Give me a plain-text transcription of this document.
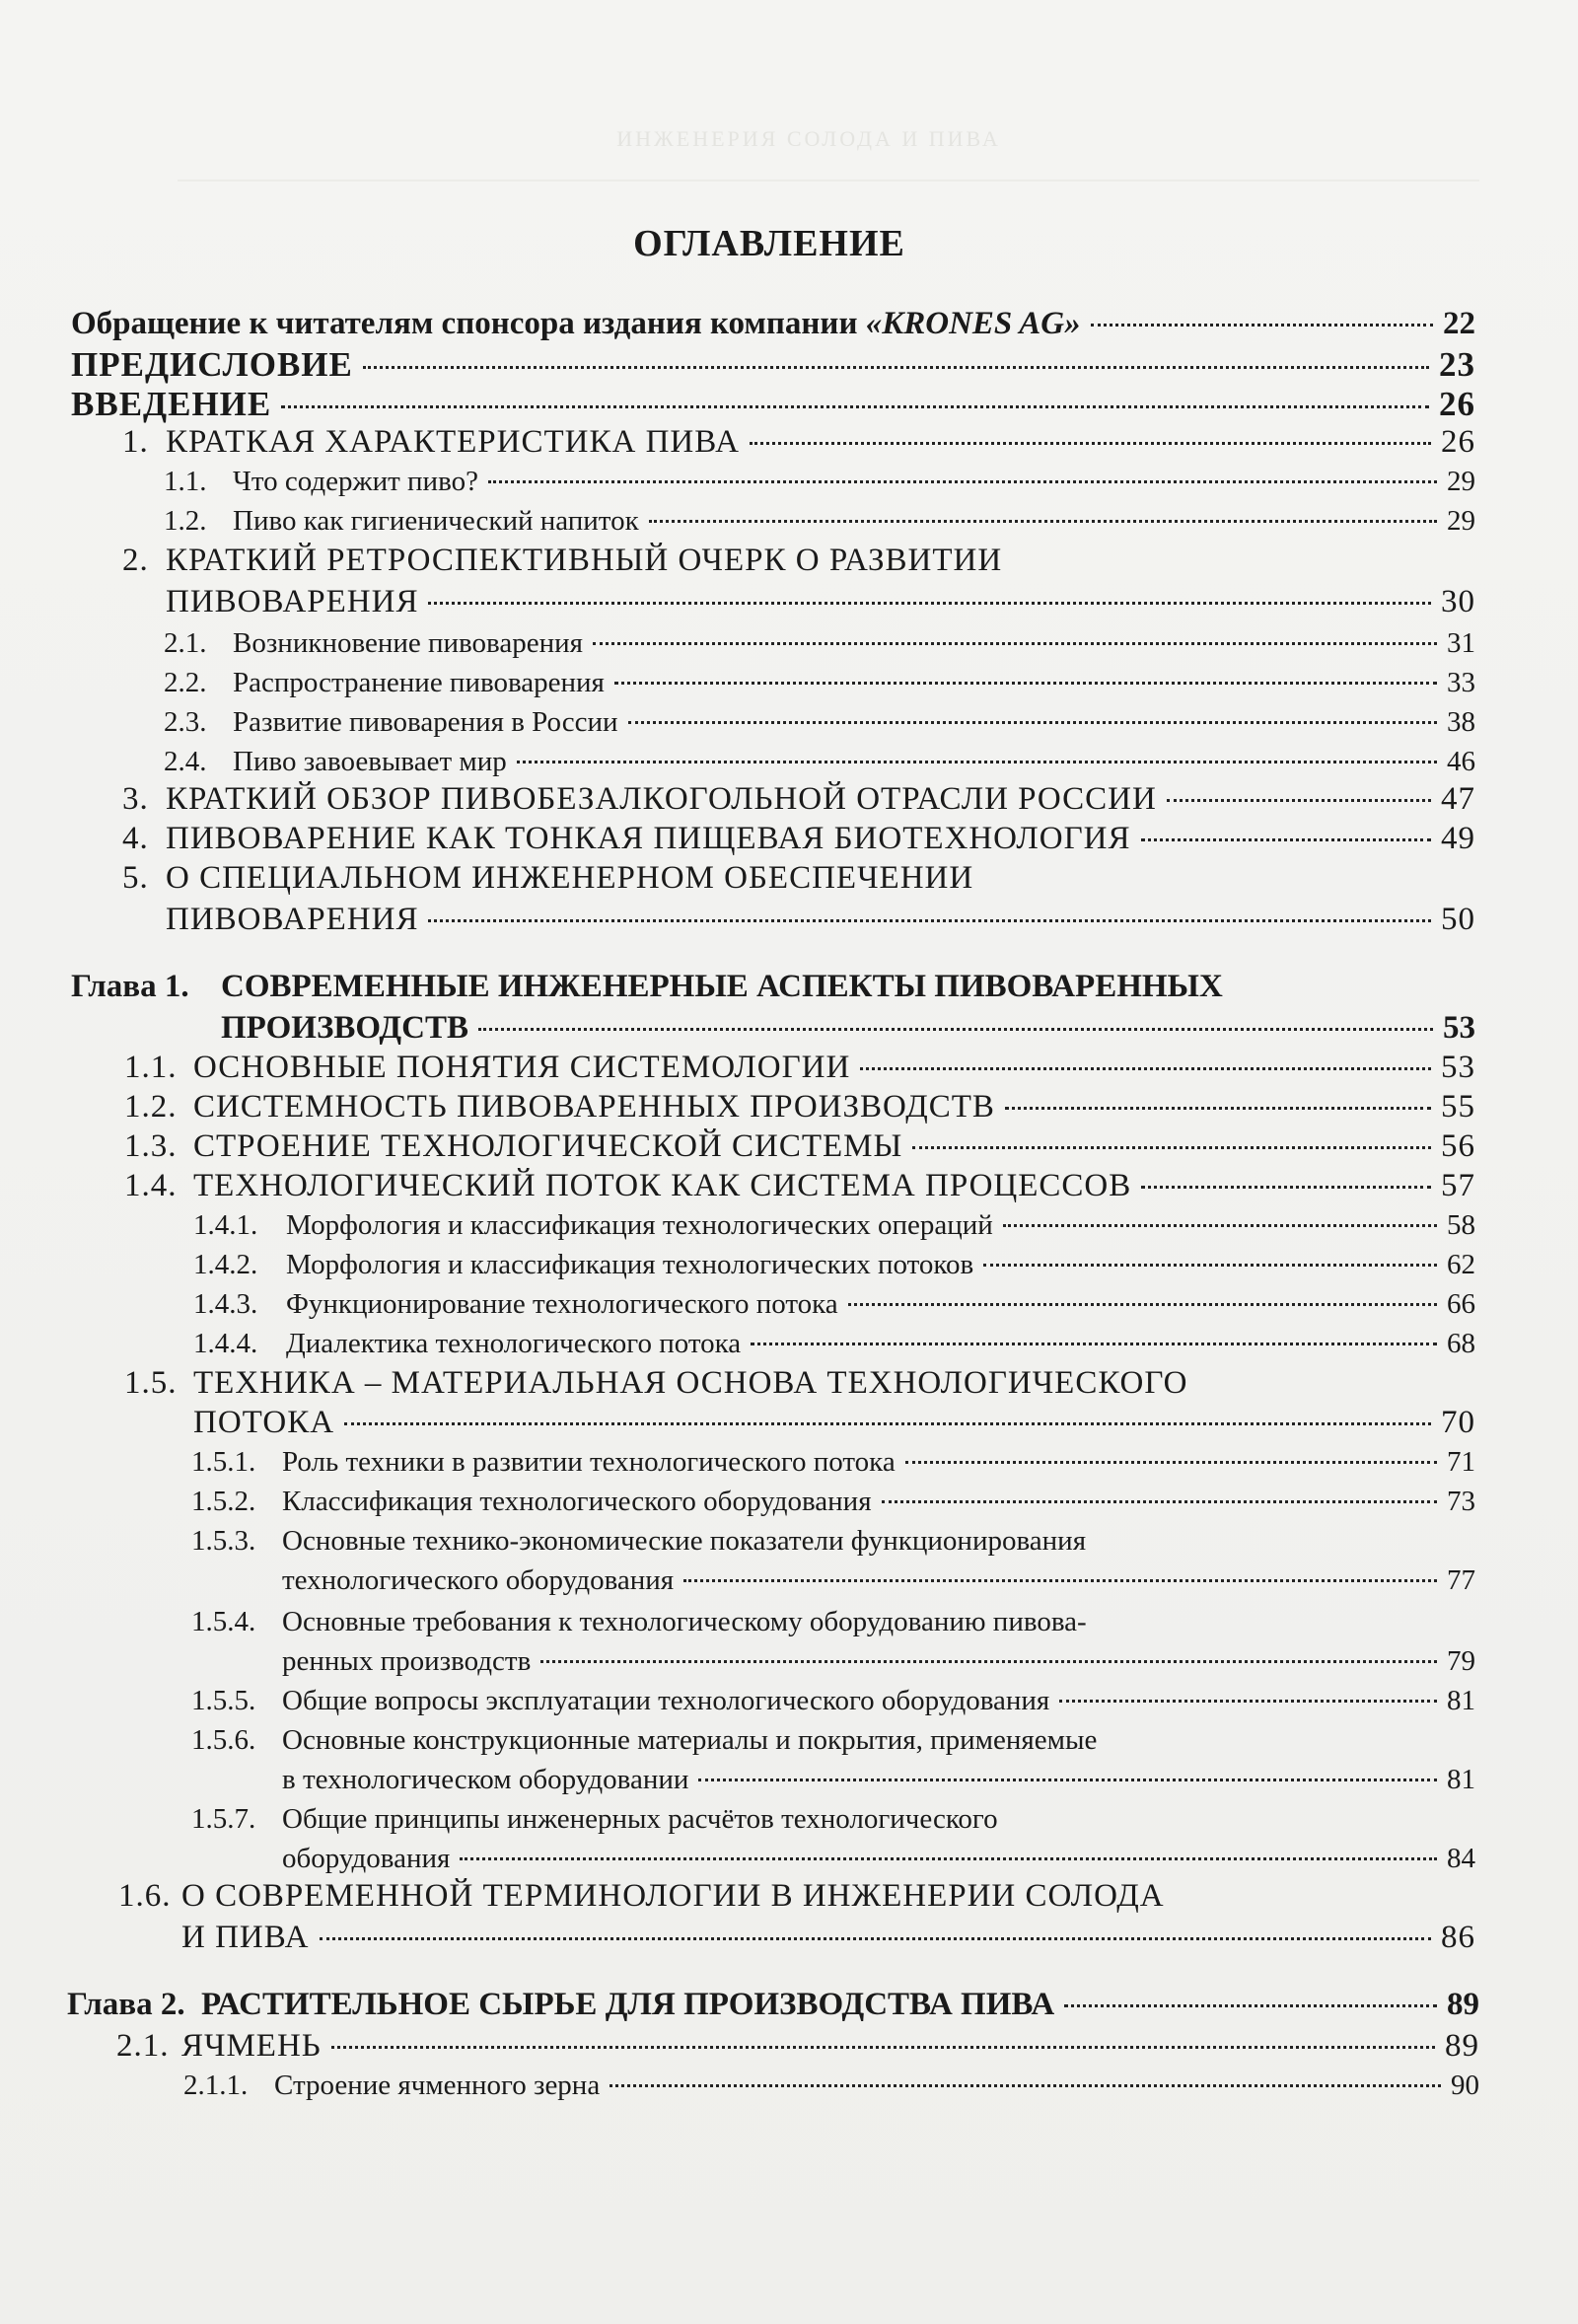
ИНЖЕНЕРИЯ СОЛОДА И ПИВА
ОГЛАВЛЕНИЕ
Обращение к читателям спонсора издания компании «KRONES AG»	22
ПРЕДИСЛОВИЕ	23
ВВЕДЕНИЕ	26
1. КРАТКАЯ ХАРАКТЕРИСТИКА ПИВА	26
1.1. Что содержит пиво?	29
1.2. Пиво как гигиенический напиток	29
2. КРАТКИЙ РЕТРОСПЕКТИВНЫЙ ОЧЕРК О РАЗВИТИИ
ПИВОВАРЕНИЯ	30
2.1. Возникновение пивоварения	31
2.2. Распространение пивоварения	33
2.3. Развитие пивоварения в России	38
2.4. Пиво завоевывает мир	46
3. КРАТКИЙ ОБЗОР ПИВОБЕЗАЛКОГОЛЬНОЙ ОТРАСЛИ РОССИИ	47
4. ПИВОВАРЕНИЕ КАК ТОНКАЯ ПИЩЕВАЯ БИОТЕХНОЛОГИЯ	49
5. О СПЕЦИАЛЬНОМ ИНЖЕНЕРНОМ ОБЕСПЕЧЕНИИ
ПИВОВАРЕНИЯ	50
Глава 1. СОВРЕМЕННЫЕ ИНЖЕНЕРНЫЕ АСПЕКТЫ ПИВОВАРЕННЫХ
ПРОИЗВОДСТВ	53
1.1. ОСНОВНЫЕ ПОНЯТИЯ СИСТЕМОЛОГИИ	53
1.2. СИСТЕМНОСТЬ ПИВОВАРЕННЫХ ПРОИЗВОДСТВ	55
1.3. СТРОЕНИЕ ТЕХНОЛОГИЧЕСКОЙ СИСТЕМЫ	56
1.4. ТЕХНОЛОГИЧЕСКИЙ ПОТОК КАК СИСТЕМА ПРОЦЕССОВ	57
1.4.1. Морфология и классификация технологических операций	58
1.4.2. Морфология и классификация технологических потоков	62
1.4.3. Функционирование технологического потока	66
1.4.4. Диалектика технологического потока	68
1.5. ТЕХНИКА – МАТЕРИАЛЬНАЯ ОСНОВА ТЕХНОЛОГИЧЕСКОГО
ПОТОКА	70
1.5.1. Роль техники в развитии технологического потока	71
1.5.2. Классификация технологического оборудования	73
1.5.3. Основные технико-экономические показатели функционирования
технологического оборудования	77
1.5.4. Основные требования к технологическому оборудованию пивова-
ренных производств	79
1.5.5. Общие вопросы эксплуатации технологического оборудования	81
1.5.6. Основные конструкционные материалы и покрытия, применяемые
в технологическом оборудовании	81
1.5.7. Общие принципы инженерных расчётов технологического
оборудования	84
1.6. О СОВРЕМЕННОЙ ТЕРМИНОЛОГИИ В ИНЖЕНЕРИИ СОЛОДА
И ПИВА	86
Глава 2. РАСТИТЕЛЬНОЕ СЫРЬЕ ДЛЯ ПРОИЗВОДСТВА ПИВА	89
2.1. ЯЧМЕНЬ	89
2.1.1. Строение ячменного зерна	90
